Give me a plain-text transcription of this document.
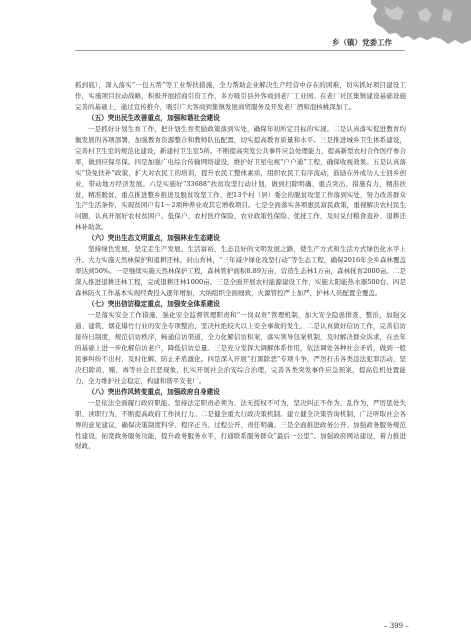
乡（镇）党委工作

抓到底），深入落实“一包五帮”等工业帮扶措施，全力帮助企业解决生产经营中存在的困难，切实抓好项目建设工作，实施项目拉动战略，积极开展招商引资工作，多方吸引县外客商到老厂工业园。在老厂社区集镇建设基础设施完善的基础上，通过宣传推介，吸引广大客商到集镇发展商贸服务及开发老厂酒和泡核桃深加工。

（五）突出民生改善重点，加强和谐社会建设

一是抓好计划生育工作，把计划生育奖励政策落到实处，确保年初所定目标的实现。二是认真落实促进教育均衡发展的各项部署，加强教育资源整合和教师队伍配置，切实提高教育质量和水平。三是推进城乡卫生体系建设，完善村卫生室的规范化建设，新建村卫生室5所。不断提高突发公共事件应急处理能力，提高新型农村合作医疗参合率，做到应保尽保。四是加强广电综合传输网络建设，维护好卫星电视“户户通”工程，确保收视效果。五是认真落实“贷免扶补”政策，扩大对农民工的培训，提升农民工整体素质，组织农民工有序流动，鼓励在外成功人士回乡创业，带动地方经济发展。六是实施好“33688”扶贫攻坚行动计划，做到扫除明确、重点突出、措施有力，精准扶贫，精准脱贫，重点推进整乡推进及脱贫攻坚工作，把13个村（居）委会的脱贫攻坚工作落到实处，努力改善群众生产生活条件，实现贫困户有1～2项种养业或其它增收项目。七是全面落实各项惠民富民政策，重视解决农村民生问题，认真开展好农村贫困户、低保户、农村医疗保险、农业政策性保险、优抚工作，及时兑付粮食直补、退耕还林补助款。

（六）突出生态文明重点，加强林业生态建设

坚持绿色发展，坚定走生产发展、生活富裕、生态良好的文明发展之路，使生产方式和生活方式绿色化水平上升。大力实施天然林保护和退耕还林、封山育林，“三年减少绿化攻坚行动”等生态工程，确保2016年全乡森林覆盖率达到50%。一是继续实施天然林保护工程，森林管护面积8.89万亩，营造生态林1万亩，森林抚育2000亩。二是深入推进退耕还林工程，完成退耕还林1000亩。三是全面开展农村能源建设工作，实施太阳能热水器500台。四是森林防火工作基本实现经费投入逐年增加，大纳组织全面细致，火源管控严上加严，护林人员配置全覆盖。

（七）突出信访稳定重点，加强安全体系建设

一是落实安全工作措施，强化安全监督管理职责和“一岗双责”管理机制，加大安全隐患排查、整治，加强交通、建筑、烟花爆竹行业的安全专项整治，坚决杜绝较大以上安全事故的发生。二是认真做好信访工作，完善信访接待日制度，规范信访秩序，畅通信访渠道，全力化解信访积案，落实领导包案机制，及时解决群众诉求，在去年的基础上进一步化解信访老户，降低信访总量。三是充分发挥大调解体系作用，依法调处各种社会矛盾，做到一般民事纠纷不出村，及时化解、防止矛盾激化。四是深入开展“打黑除恶”专项斗争，严厉打击各类违法犯罪活动，坚决扫除黄、赌、毒等社会丑恶现象，扎实开展社会治安综合治理，完善各类突发事件应急预案，提高危机处置能力，全力维护社会稳定，构建和谐平安老厂。

（八）突出作风转变重点，加强政府自身建设

一是依法全面履行政府职能。坚持法定职责必须为、法无授权不可为，坚决纠正不作为、乱作为，严厉惩处失职、渎职行为，不断提高政府工作执行力。二是健全重大行政决策机制。建立健全决策咨询机制，广泛听取社会各界的意见建议，确保决策制度科学、程序正当、过程公开、责任明确。三是全面推进政务公开。加强政务服务规范性建设，拓宽政务服务功能，提升政务服务水平，打通联系服务群众“最后一公里”。加强政府网站建设，着力推进财政、

– 399 –
